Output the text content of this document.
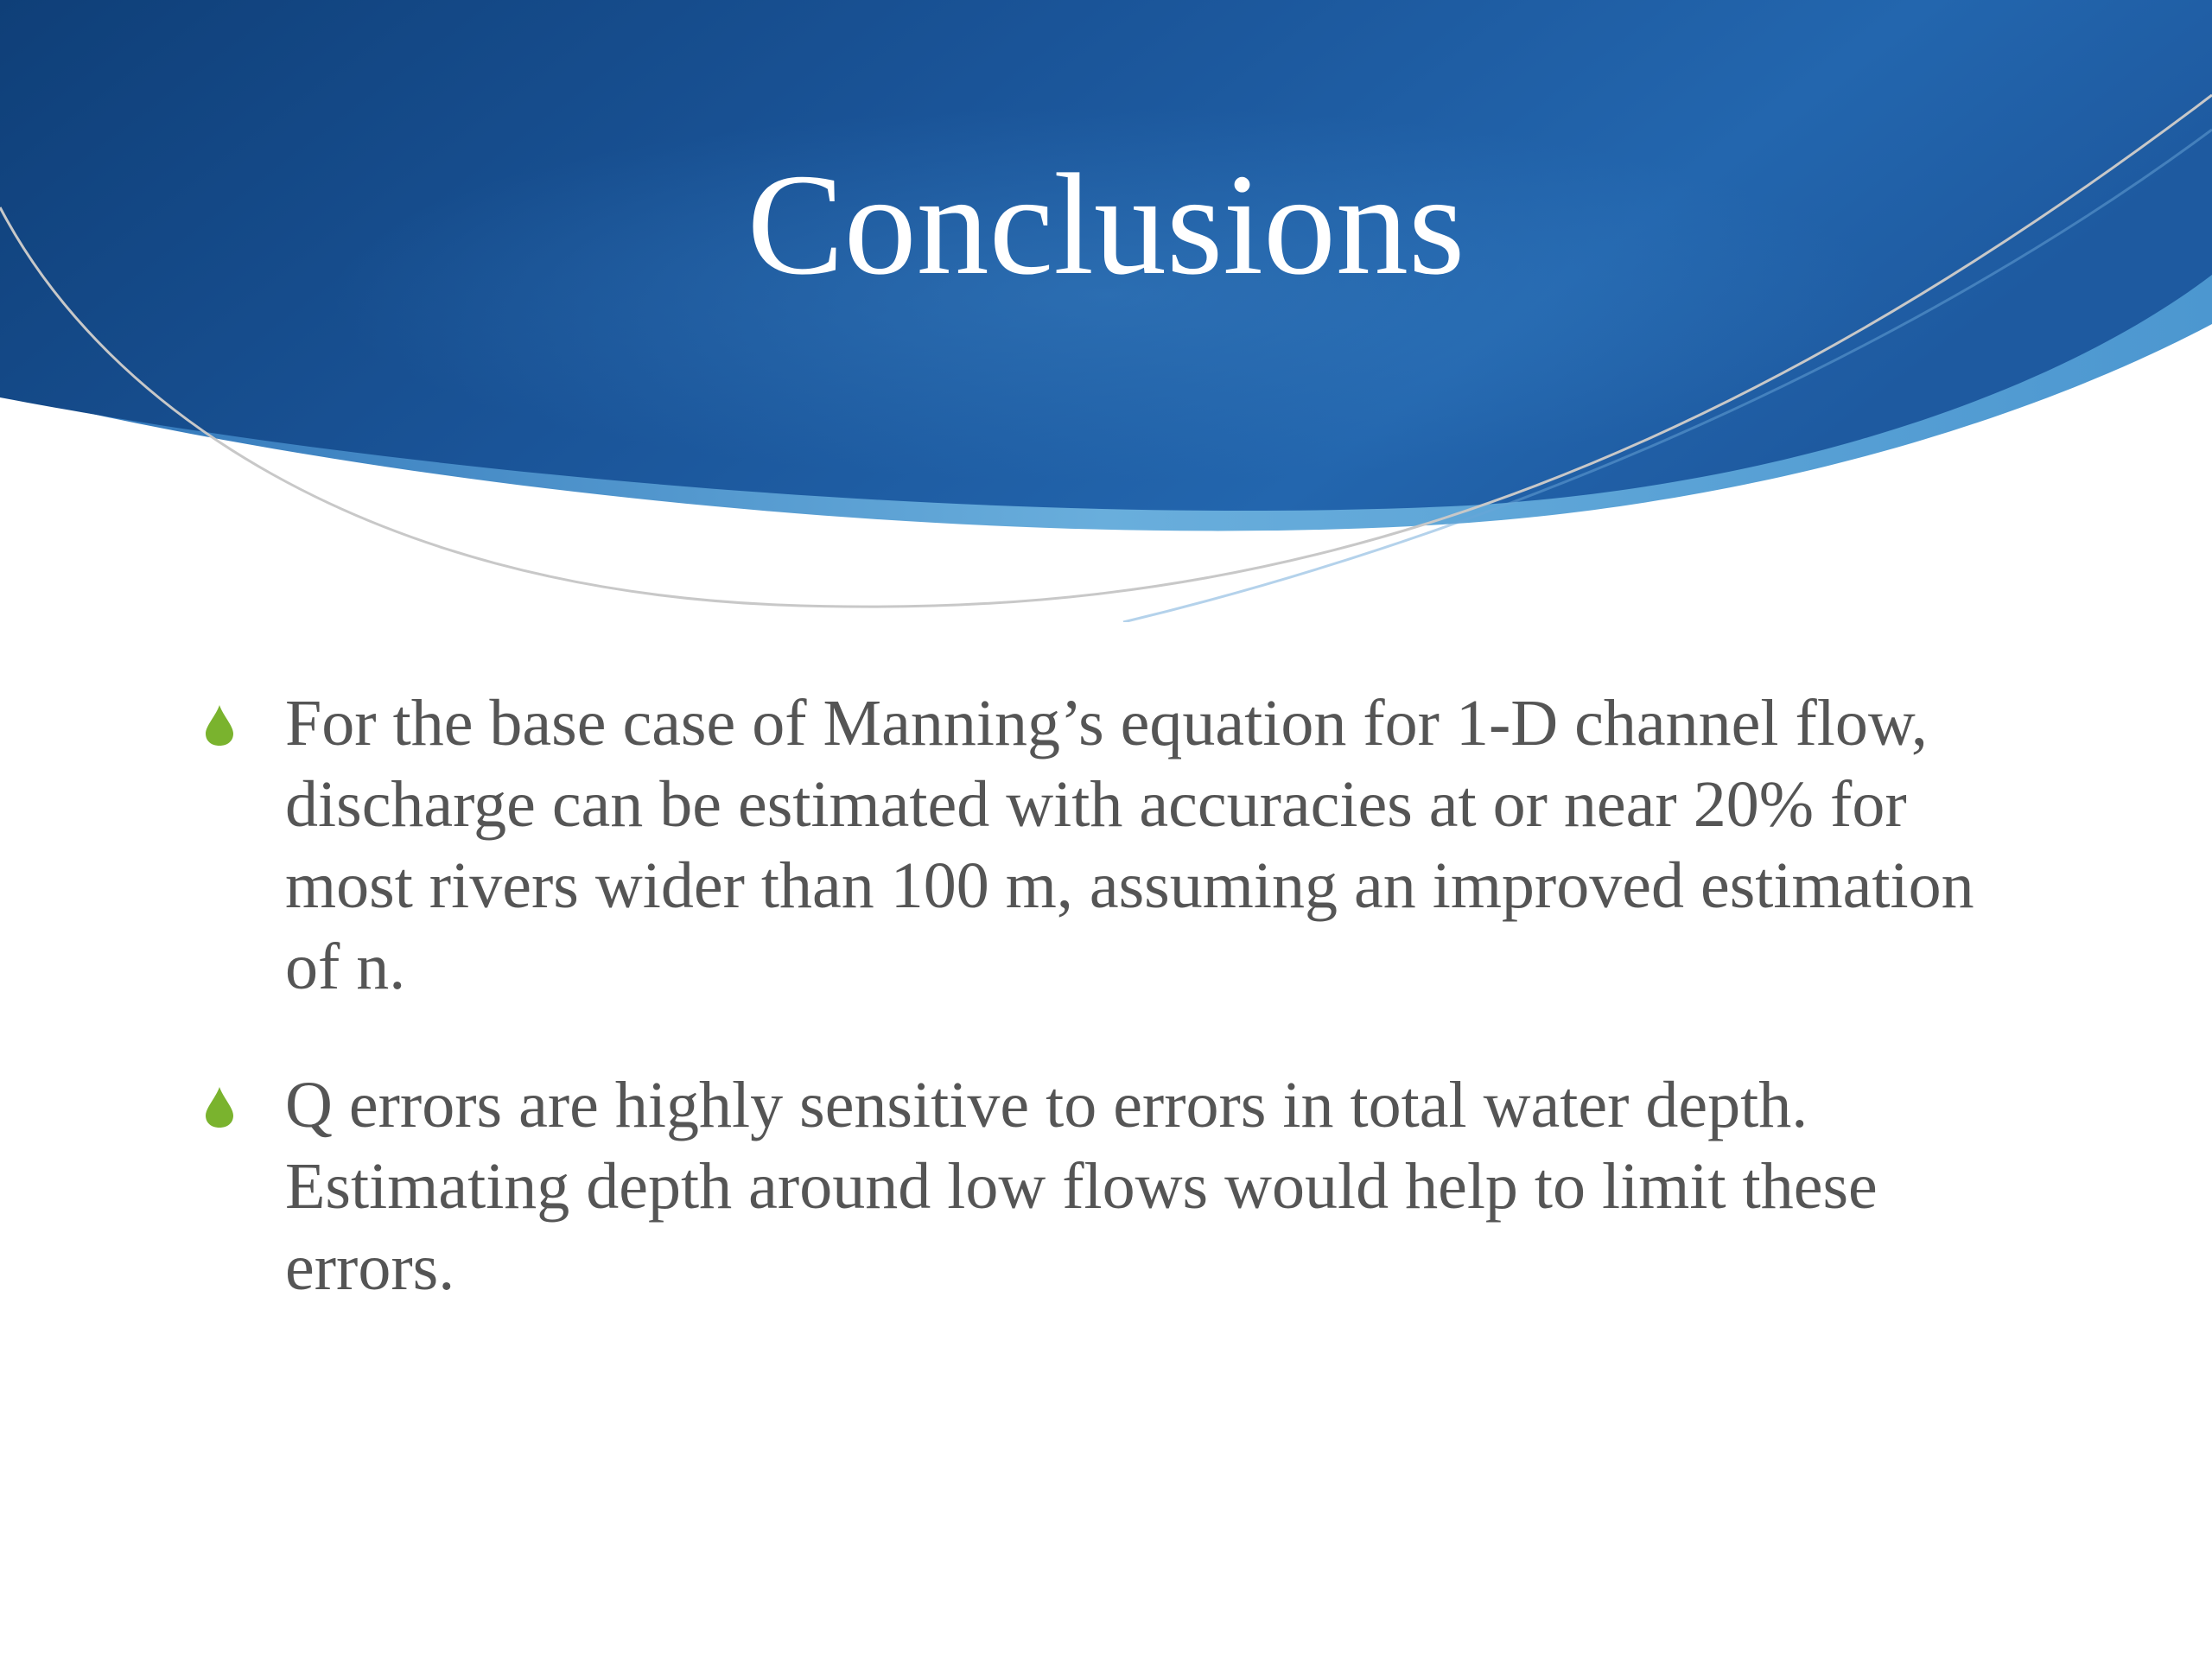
Conclusions
For the base case of Manning’s equation for 1-D channel flow, discharge can be estimated with accuracies at or near 20% for most rivers wider than 100 m, assuming an improved estimation of n.
Q errors are highly sensitive to errors in total water depth. Estimating depth around low flows would help to limit these errors.
